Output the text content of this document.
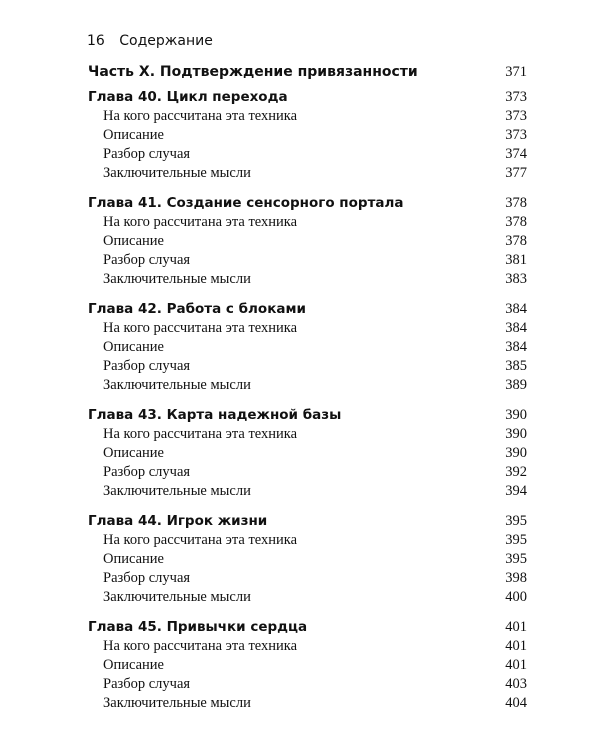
16 Содержание
Часть X. Подтверждение привязанности	371
Глава 40. Цикл перехода	373
На кого рассчитана эта техника	373
Описание	373
Разбор случая	374
Заключительные мысли	377
Глава 41. Создание сенсорного портала	378
На кого рассчитана эта техника	378
Описание	378
Разбор случая	381
Заключительные мысли	383
Глава 42. Работа с блоками	384
На кого рассчитана эта техника	384
Описание	384
Разбор случая	385
Заключительные мысли	389
Глава 43. Карта надежной базы	390
На кого рассчитана эта техника	390
Описание	390
Разбор случая	392
Заключительные мысли	394
Глава 44. Игрок жизни	395
На кого рассчитана эта техника	395
Описание	395
Разбор случая	398
Заключительные мысли	400
Глава 45. Привычки сердца	401
На кого рассчитана эта техника	401
Описание	401
Разбор случая	403
Заключительные мысли	404
